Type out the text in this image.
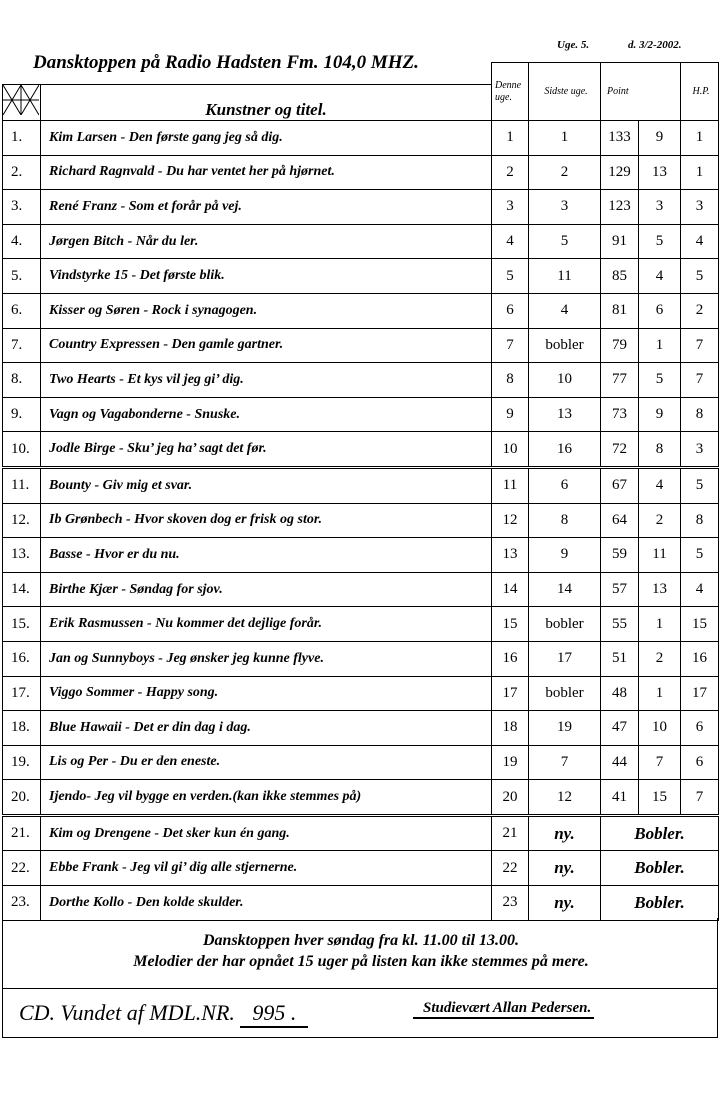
Uge. 5.	d. 3/2-2002.
Dansktoppen på Radio Hadsten Fm. 104,0 MHZ.
		Denne uge.	Sidste uge.	Point		H.P.
	Kunstner og titel.					
1.	Kim Larsen - Den første gang jeg så dig.	1	1	133	9	1
2.	Richard Ragnvald - Du har ventet her på hjørnet.	2	2	129	13	1
3.	René Franz - Som et forår på vej.	3	3	123	3	3
4.	Jørgen Bitch - Når du ler.	4	5	91	5	4
5.	Vindstyrke 15 - Det første blik.	5	11	85	4	5
6.	Kisser og Søren - Rock i synagogen.	6	4	81	6	2
7.	Country Expressen - Den gamle gartner.	7	bobler	79	1	7
8.	Two Hearts - Et kys vil jeg gi’ dig.	8	10	77	5	7
9.	Vagn og Vagabonderne - Snuske.	9	13	73	9	8
10.	Jodle Birge - Sku’ jeg ha’ sagt det før.	10	16	72	8	3
11.	Bounty - Giv mig et svar.	11	6	67	4	5
12.	Ib Grønbech - Hvor skoven dog er frisk og stor.	12	8	64	2	8
13.	Basse - Hvor er du nu.	13	9	59	11	5
14.	Birthe Kjær - Søndag for sjov.	14	14	57	13	4
15.	Erik Rasmussen - Nu kommer det dejlige forår.	15	bobler	55	1	15
16.	Jan og Sunnyboys - Jeg ønsker jeg kunne flyve.	16	17	51	2	16
17.	Viggo Sommer - Happy song.	17	bobler	48	1	17
18.	Blue Hawaii - Det er din dag i dag.	18	19	47	10	6
19.	Lis og Per - Du er den eneste.	19	7	44	7	6
20.	Ijendo- Jeg vil bygge en verden.(kan ikke stemmes på)	20	12	41	15	7
21.	Kim og Drengene - Det sker kun én gang.	21	ny.	Bobler.		
22.	Ebbe Frank - Jeg vil gi’ dig alle stjernerne.	22	ny.	Bobler.		
23.	Dorthe Kollo - Den kolde skulder.	23	ny.	Bobler.		
Dansktoppen hver søndag fra kl. 11.00 til 13.00.
Melodier der har opnået 15 uger på listen kan ikke stemmes på mere.
CD. Vundet af MDL.NR. 995 .	Studievært Allan Pedersen.
